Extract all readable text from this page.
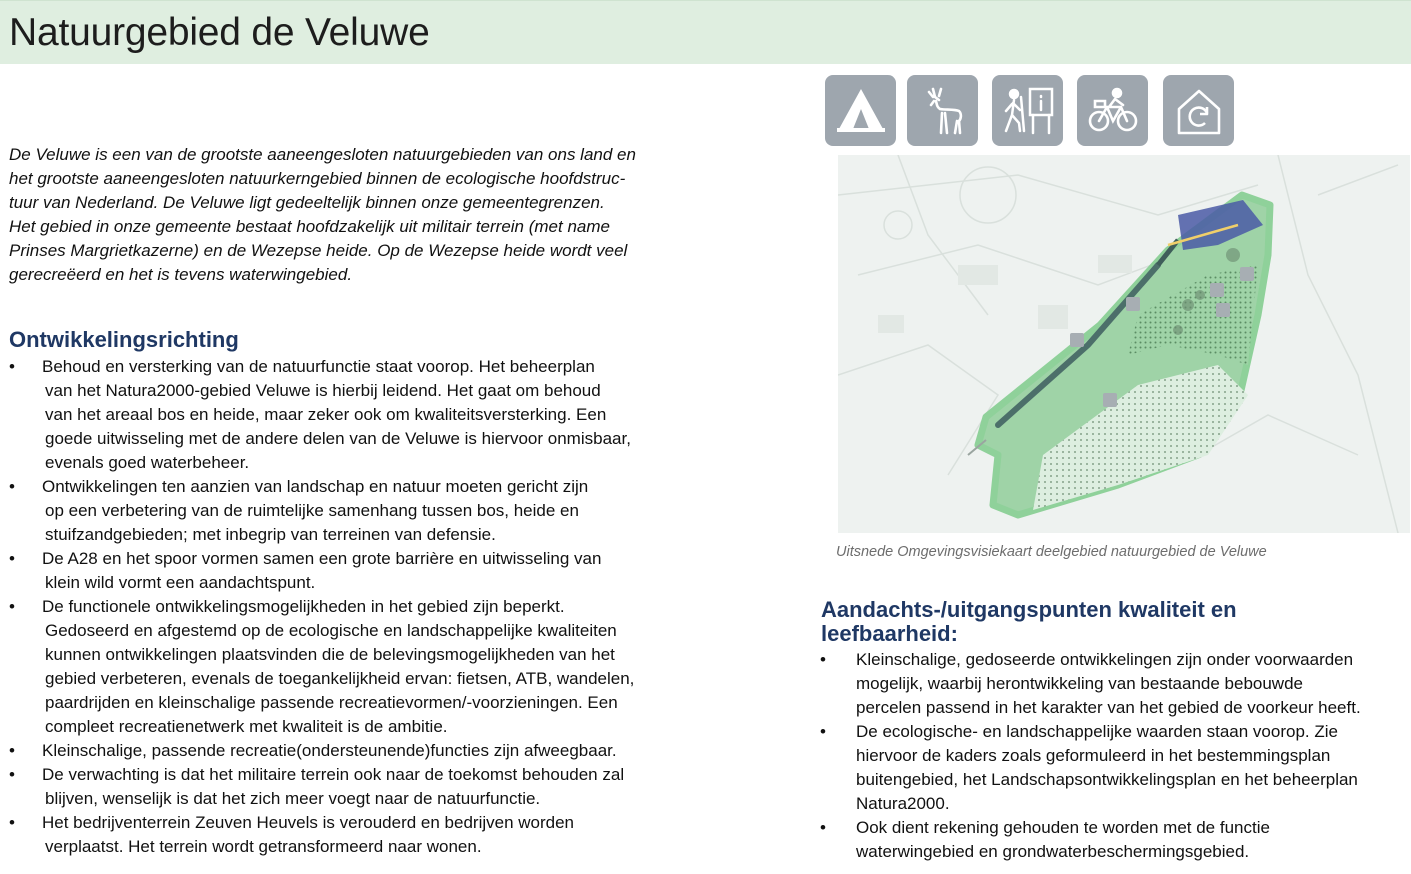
Natuurgebied de Veluwe
De Veluwe is een van de grootste aaneengesloten natuurgebieden van ons land en
het grootste aaneengesloten natuurkerngebied binnen de ecologische hoofdstruc-
tuur van Nederland. De Veluwe ligt gedeeltelijk binnen onze gemeentegrenzen.
Het gebied in onze gemeente bestaat hoofdzakelijk uit militair terrein (met name
Prinses Margrietkazerne) en de Wezepse heide. Op de Wezepse heide wordt veel
gerecreëerd en het is tevens waterwingebied.
Ontwikkelingsrichting
• Behoud en versterking van de natuurfunctie staat voorop. Het beheerplan
van het Natura2000-gebied Veluwe is hierbij leidend. Het gaat om behoud
van het areaal bos en heide, maar zeker ook om kwaliteitsversterking. Een
goede uitwisseling met de andere delen van de Veluwe is hiervoor onmisbaar,
evenals goed waterbeheer.
• Ontwikkelingen ten aanzien van landschap en natuur moeten gericht zijn
op een verbetering van de ruimtelijke samenhang tussen bos, heide en
stuifzandgebieden; met inbegrip van terreinen van defensie.
• De A28 en het spoor vormen samen een grote barrière en uitwisseling van
klein wild vormt een aandachtspunt.
• De functionele ontwikkelingsmogelijkheden in het gebied zijn beperkt.
Gedoseerd en afgestemd op de ecologische en landschappelijke kwaliteiten
kunnen ontwikkelingen plaatsvinden die de belevingsmogelijkheden van het
gebied verbeteren, evenals de toegankelijkheid ervan: fietsen, ATB, wandelen,
paardrijden en kleinschalige passende recreatievormen/-voorzieningen. Een
compleet recreatienetwerk met kwaliteit is de ambitie.
• Kleinschalige, passende recreatie(ondersteunende)functies zijn afweegbaar.
• De verwachting is dat het militaire terrein ook naar de toekomst behouden zal
blijven, wenselijk is dat het zich meer voegt naar de natuurfunctie.
• Het bedrijventerrein Zeuven Heuvels is verouderd en bedrijven worden
verplaatst. Het terrein wordt getransformeerd naar wonen.
Uitsnede Omgevingsvisiekaart deelgebied natuurgebied de Veluwe
Aandachts-/uitgangspunten kwaliteit en
leefbaarheid:
• Kleinschalige, gedoseerde ontwikkelingen zijn onder voorwaarden
mogelijk, waarbij herontwikkeling van bestaande bebouwde
percelen passend in het karakter van het gebied de voorkeur heeft.
• De ecologische- en landschappelijke waarden staan voorop. Zie
hiervoor de kaders zoals geformuleerd in het bestemmingsplan
buitengebied, het Landschapsontwikkelingsplan en het beheerplan
Natura2000.
• Ook dient rekening gehouden te worden met de functie
waterwingebied en grondwaterbeschermingsgebied.
